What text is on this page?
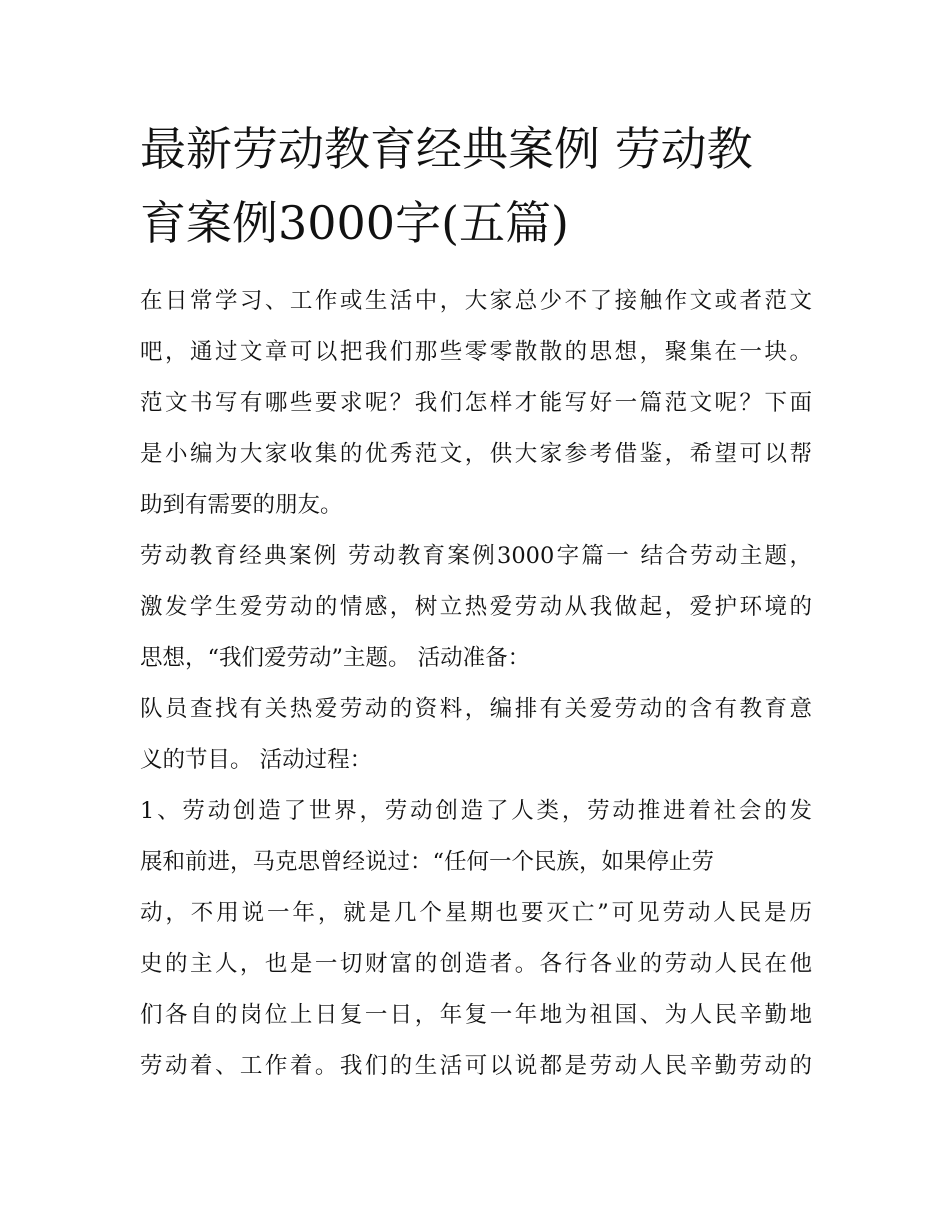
最新劳动教育经典案例 劳动教
育案例3000字(五篇)
在日常学习、工作或生活中，大家总少不了接触作文或者范文
吧，通过文章可以把我们那些零零散散的思想，聚集在一块。
范文书写有哪些要求呢？我们怎样才能写好一篇范文呢？下面
是小编为大家收集的优秀范文，供大家参考借鉴，希望可以帮
助到有需要的朋友。
劳动教育经典案例 劳动教育案例3000字篇一 结合劳动主题，
激发学生爱劳动的情感，树立热爱劳动从我做起，爱护环境的
思想，“我们爱劳动”主题。 活动准备：
队员查找有关热爱劳动的资料，编排有关爱劳动的含有教育意
义的节目。 活动过程：
1、劳动创造了世界，劳动创造了人类，劳动推进着社会的发
展和前进，马克思曾经说过：“任何一个民族，如果停止劳
动，不用说一年，就是几个星期也要灭亡”可见劳动人民是历
史的主人，也是一切财富的创造者。各行各业的劳动人民在他
们各自的岗位上日复一日，年复一年地为祖国、为人民辛勤地
劳动着、工作着。我们的生活可以说都是劳动人民辛勤劳动的
